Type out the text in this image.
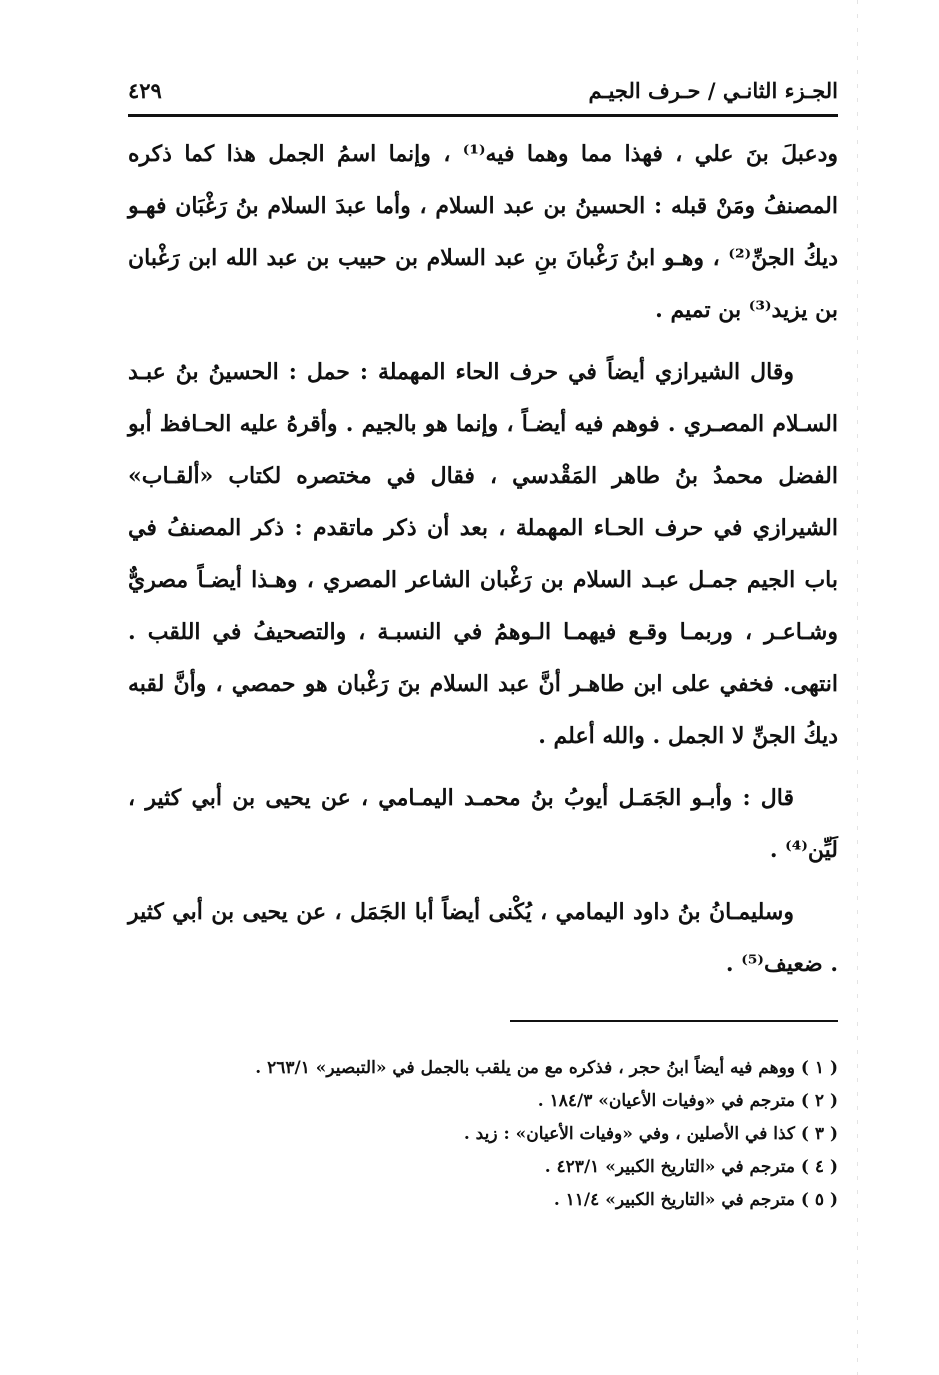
الجـزء الثانـي / حـرف الجيـم
٤٢٩

ودعبلَ بنَ علي ، فهذا مما وهما فيه⁽¹⁾ ، وإنما اسمُ الجمل هذا كما ذكره المصنفُ ومَنْ قبله : الحسينُ بن عبد السلام ، وأما عبدَ السلام بنُ رَغْبَان فهـو ديكُ الجنِّ⁽²⁾ ، وهـو ابنُ رَغْبانَ بنِ عبد السلام بن حبيب بن عبد الله ابن رَغْبان بن يزيد⁽³⁾ بن تميم .

وقال الشيرازي أيضاً في حرف الحاء المهملة : حمل : الحسينُ بنُ عبـد السـلام المصـري . فوهم فيه أيضـاً ، وإنما هو بالجيم . وأقرهُ عليه الحـافظ أبو الفضل محمدُ بنُ طاهر المَقْدسي ، فقال في مختصره لكتاب «ألقـاب» الشيرازي في حرف الحـاء المهملة ، بعد أن ذكر ماتقدم : ذكر المصنفُ في باب الجيم جمـل عبـد السلام بن رَغْبان الشاعر المصري ، وهـذا أيضـاً مصريٌّ وشـاعـر ، وربمـا وقـع فيهمـا الـوهمُ في النسبـة ، والتصحيفُ في اللقب . انتهى. فخفي على ابن طاهـر أنَّ عبد السلام بنَ رَغْبان هو حمصي ، وأنَّ لقبه ديكُ الجنِّ لا الجمل . والله أعلم .

قال : وأبـو الجَمَـل أيوبُ بنُ محمـد اليمـامي ، عن يحيى بن أبي كثير ، لَيِّن⁽⁴⁾ .

وسليمـانُ بنُ داود اليمامي ، يُكْنى أيضاً أبا الجَمَل ، عن يحيى بن أبي كثير . ضعيف⁽⁵⁾ .

( ١ ) ووهم فيه أيضاً ابنُ حجر ، فذكره مع من يلقب بالجمل في «التبصير» ٢٦٣/١ .

( ٢ ) مترجم في «وفيات الأعيان» ١٨٤/٣ .

( ٣ ) كذا في الأصلين ، وفي «وفيات الأعيان» : زيد .

( ٤ ) مترجم في «التاريخ الكبير» ٤٢٣/١ .

( ٥ ) مترجم في «التاريخ الكبير» ١١/٤ .
